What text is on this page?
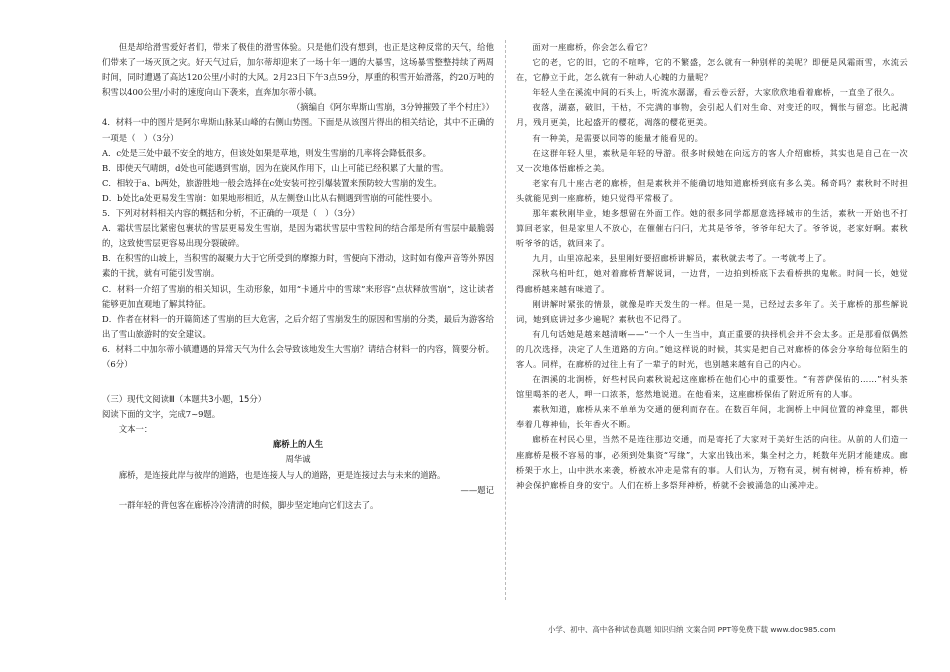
但是却给滑雪爱好者们，带来了极佳的滑雪体验。只是他们没有想到，也正是这种反常的天气，给他们带来了一场灭顶之灾。好天气过后，加尔蒂却迎来了一场十年一遇的大暴雪，这场暴雪整整持续了两周时间，同时遭遇了高达120公里/小时的大风。2月23日下午3点59分，厚重的积雪开始滑落，约20万吨的积雪以400公里/小时的速度向山下袭来，直奔加尔蒂小镇。

（摘编自《阿尔卑斯山雪崩，3分钟摧毁了半个村庄》）

4．材料一中的图片是阿尔卑斯山脉某山峰的右侧山势图。下面是从该图片得出的相关结论，其中不正确的一项是（　）（3分）

A．c处是三处中最不安全的地方，但该处如果是草地，则发生雪崩的几率将会降低很多。

B．即使天气晴朗，d处也可能遇到雪崩，因为在旋风作用下，山上可能已经积累了大量的雪。

C．相较于a、b两处，旅游胜地一般会选择在c处安装可控引爆装置来预防较大雪崩的发生。

D．b处比a处更易发生雪崩：如果地形相近，从左侧登山比从右侧遇到雪崩的可能性要小。

5．下列对材料相关内容的概括和分析，不正确的一项是（　）（3分）

A．霜状雪层比紧密包裹状的雪层更易发生雪崩，是因为霜状雪层中雪粒间的结合部是所有雪层中最脆弱的，这致使雪层更容易出现分裂破碎。

B．在积雪的山坡上，当积雪的凝聚力大于它所受到的摩擦力时，雪便向下滑动，这时如有像声音等外界因素的干扰，就有可能引发雪崩。

C．材料一介绍了雪崩的相关知识，生动形象，如用“卡通片中的雪球”来形容“点状释放雪崩”，这让读者能够更加直观地了解其特征。

D．作者在材料一的开篇简述了雪崩的巨大危害，之后介绍了雪崩发生的原因和雪崩的分类，最后为游客给出了雪山旅游时的安全建议。

6．材料二中加尔蒂小镇遭遇的异常天气为什么会导致该地发生大雪崩？请结合材料一的内容，简要分析。（6分）

（三）现代文阅读Ⅲ（本题共3小题，15分）

阅读下面的文字，完成7~9题。

文本一：

廊桥上的人生

周华诚

廊桥，是连接此岸与彼岸的道路，也是连接人与人的道路，更是连接过去与未来的道路。

——题记

一群年轻的背包客在廊桥冷冷清清的时候，脚步坚定地向它们这去了。

面对一座廊桥，你会怎么看它？

它的老，它的旧，它的不喧哗，它的不繁盛，怎么就有一种别样的美呢？即便是风霜雨雪，水流云在，它静立于此，怎么就有一种动人心魄的力量呢？

年轻人坐在溪流中间的石头上，听流水潺潺，看云卷云舒，大家欣欣地看着廊桥，一直坐了很久。

夜落，湖嘉，破旧，干枯，不完满的事物，会引起人们对生命、对变迁的叹，惆怅与留恋。比起满月，残月更美，比起盛开的樱花，凋落的樱花更美。

有一种美，是需要以同等的能量才能看见的。

在这群年轻人里，素秋是年轻的导游。很多时候她在向远方的客人介绍廊桥，其实也是自己在一次又一次地体悟廊桥之美。

老家有几十座古老的廊桥，但是素秋并不能确切地知道廊桥到底有多么美。稀奇吗？素秋时不时担头就能见到一座廊桥，她只觉得平常极了。

那年素秋刚毕业，她多想留在外面工作。她的很多同学都愿意选择城市的生活，素秋一开始也不打算回老家，但是家里人不放心，在催催右闩闩，尤其是爷爷，爷爷年纪大了。爷爷说，老家好啊。素秋听爷爷的话，就回来了。

九月，山里凉起来，县里刚好要招廊桥讲解员，素秋就去考了。一考就考上了。

深秋乌桕叶红，她对着廊桥背解说词，一边背，一边拍到桥底下去看桥拱的鬼帐。时间一长，她觉得廊桥越来越有味道了。

刚讲解时紧张的情景，就像是昨天发生的一样。但是一晃，已经过去多年了。关于廊桥的那些解说词，她到底讲过多少遍呢？素秋也不记得了。

有几句话她是越来越清晰——“一个人一生当中，真正重要的抉择机会并不会太多。正是那看似偶然的几次选择，决定了人生道路的方向。”她这样说的时候，其实是把自己对廊桥的体会分享给每位陌生的客人。同样，在廊桥的过往上有了一辈子的时光，也别越来越有自己的内心。

在泗溪的北涧桥，好些村民向素秋说起这座廊桥在他们心中的重要性。“有菩萨保佑的……”村头茶馆里喝茶的老人，呷一口浓茶，悠然地说道。在他看来，这座廊桥保佑了附近所有的人事。

素秋知道，廊桥从来不单单为交通的便利而存在。在数百年间，北涧桥上中间位置的神龛里，都供奉着几尊神仙，长年香火不断。

廊桥在村民心里，当然不是连往那边交通，而是寄托了大家对于美好生活的向往。从前的人们造一座廊桥是极不容易的事，必须到处集资“写缘”，大家出钱出米，集全村之力，耗数年光阴才能建成。廊桥架于水上，山中洪水来袭，桥被水冲走是常有的事。人们认为，万物有灵，树有树神，桥有桥神，桥神会保护廊桥自身的安宁。人们在桥上多祭拜神桥，桥就不会被涌急的山溪冲走。

小学、初中、高中各种试卷真题 知识归纳 文案合同 PPT等免费下载 www.doc985.com
